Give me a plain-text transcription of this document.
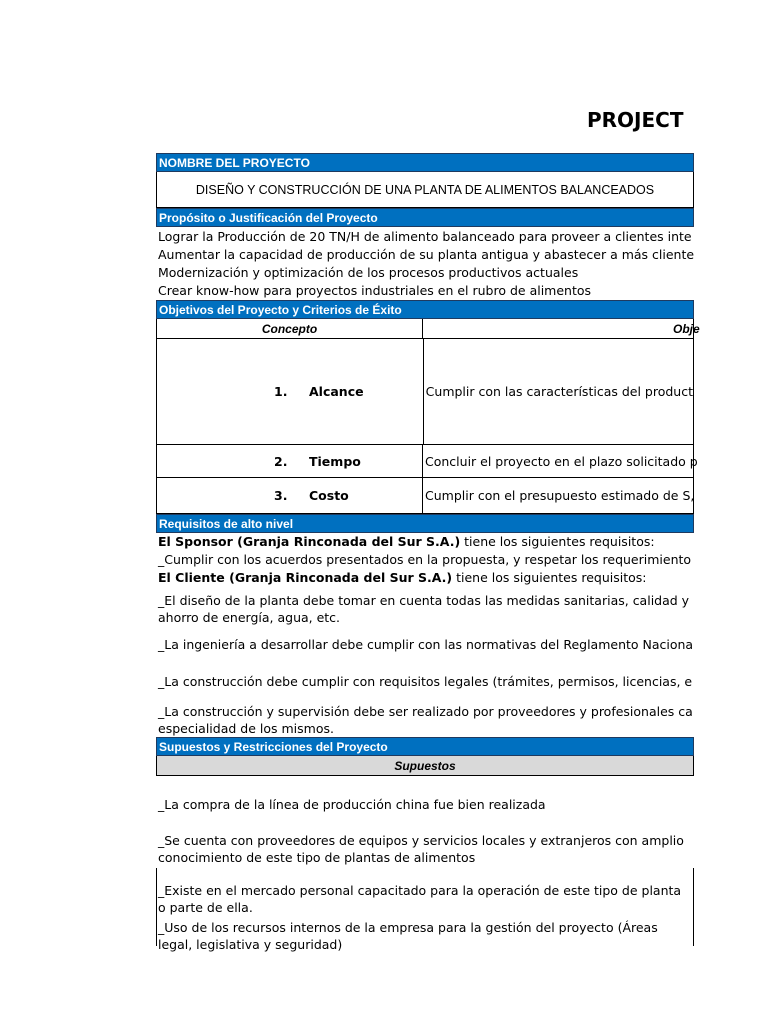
PROJECT
NOMBRE DEL PROYECTO
DISEÑO Y CONSTRUCCIÓN DE UNA PLANTA DE ALIMENTOS BALANCEADOS
Propósito o Justificación del Proyecto
Lograr la Producción de 20 TN/H de alimento balanceado para proveer a clientes inte
Aumentar la capacidad de producción de su planta antigua y abastecer a más cliente
Modernización y optimización de los procesos productivos actuales
Crear know-how para proyectos industriales en el rubro de alimentos
Objetivos del Proyecto y Criterios de Éxito
Concepto	Obje
1. Alcance	Cumplir con las características del product
2. Tiempo	Concluir el proyecto en el plazo solicitado p
3. Costo	Cumplir con el presupuesto estimado de S,
Requisitos de alto nivel
El Sponsor (Granja Rinconada del Sur S.A.) tiene los siguientes requisitos:
_Cumplir con los acuerdos presentados en la propuesta, y respetar los requerimiento
El Cliente (Granja Rinconada del Sur S.A.) tiene los siguientes requisitos:
_El diseño de la planta debe tomar en cuenta todas las medidas sanitarias, calidad y
ahorro de energía, agua, etc.
_La ingeniería a desarrollar debe cumplir con las normativas del Reglamento Naciona
_La construcción debe cumplir con requisitos legales (trámites, permisos, licencias, e
_La construcción y supervisión debe ser realizado por proveedores y profesionales ca
especialidad de los mismos.
Supuestos y Restricciones del Proyecto
Supuestos
_La compra de la línea de producción china fue bien realizada
_Se cuenta con proveedores de equipos y servicios locales y extranjeros con amplio
conocimiento de este tipo de plantas de alimentos
_Existe en el mercado personal capacitado para la operación de este tipo de planta
o parte de ella.
_Uso de los recursos internos de la empresa para la gestión del proyecto (Áreas
legal, legislativa y seguridad)
